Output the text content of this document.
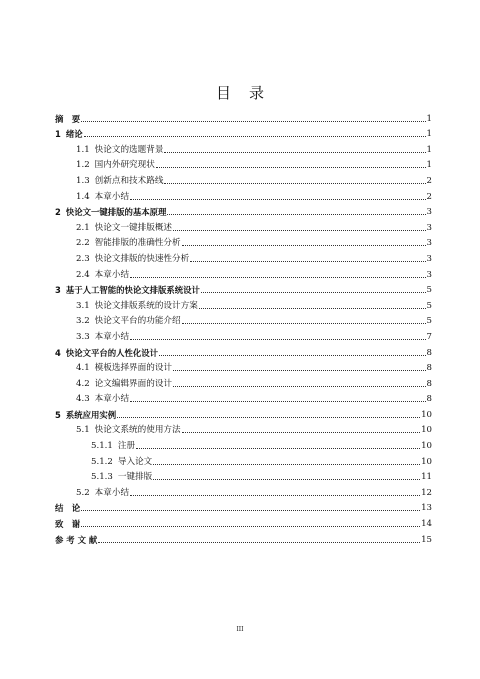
目 录
摘　要	1
1 绪论	1
1.1 快论文的选题背景	1
1.2 国内外研究现状	1
1.3 创新点和技术路线	2
1.4 本章小结	2
2 快论文一键排版的基本原理	3
2.1 快论文一键排版概述	3
2.2 智能排版的准确性分析	3
2.3 快论文排版的快速性分析	3
2.4 本章小结	3
3 基于人工智能的快论文排版系统设计	5
3.1 快论文排版系统的设计方案	5
3.2 快论文平台的功能介绍	5
3.3 本章小结	7
4 快论文平台的人性化设计	8
4.1 模板选择界面的设计	8
4.2 论文编辑界面的设计	8
4.3 本章小结	8
5 系统应用实例	10
5.1 快论文系统的使用方法	10
5.1.1 注册	10
5.1.2 导入论文	10
5.1.3 一键排版	11
5.2 本章小结	12
结　论	13
致　谢	14
参 考 文 献	15
III
